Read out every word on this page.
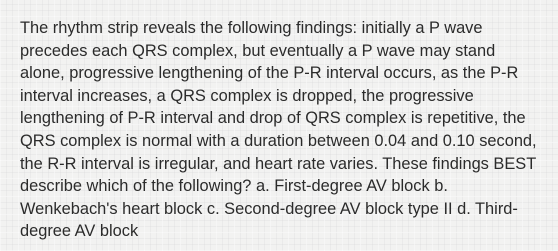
The rhythm strip reveals the following findings: initially a P wave precedes each QRS complex, but eventually a P wave may stand alone, progressive lengthening of the P-R interval occurs, as the P-R interval increases, a QRS complex is dropped, the progressive lengthening of P-R interval and drop of QRS complex is repetitive, the QRS complex is normal with a duration between 0.04 and 0.10 second, the R-R interval is irregular, and heart rate varies. These findings BEST describe which of the following? a. First-degree AV block b. Wenkebach's heart block c. Second-degree AV block type II d. Third-degree AV block
